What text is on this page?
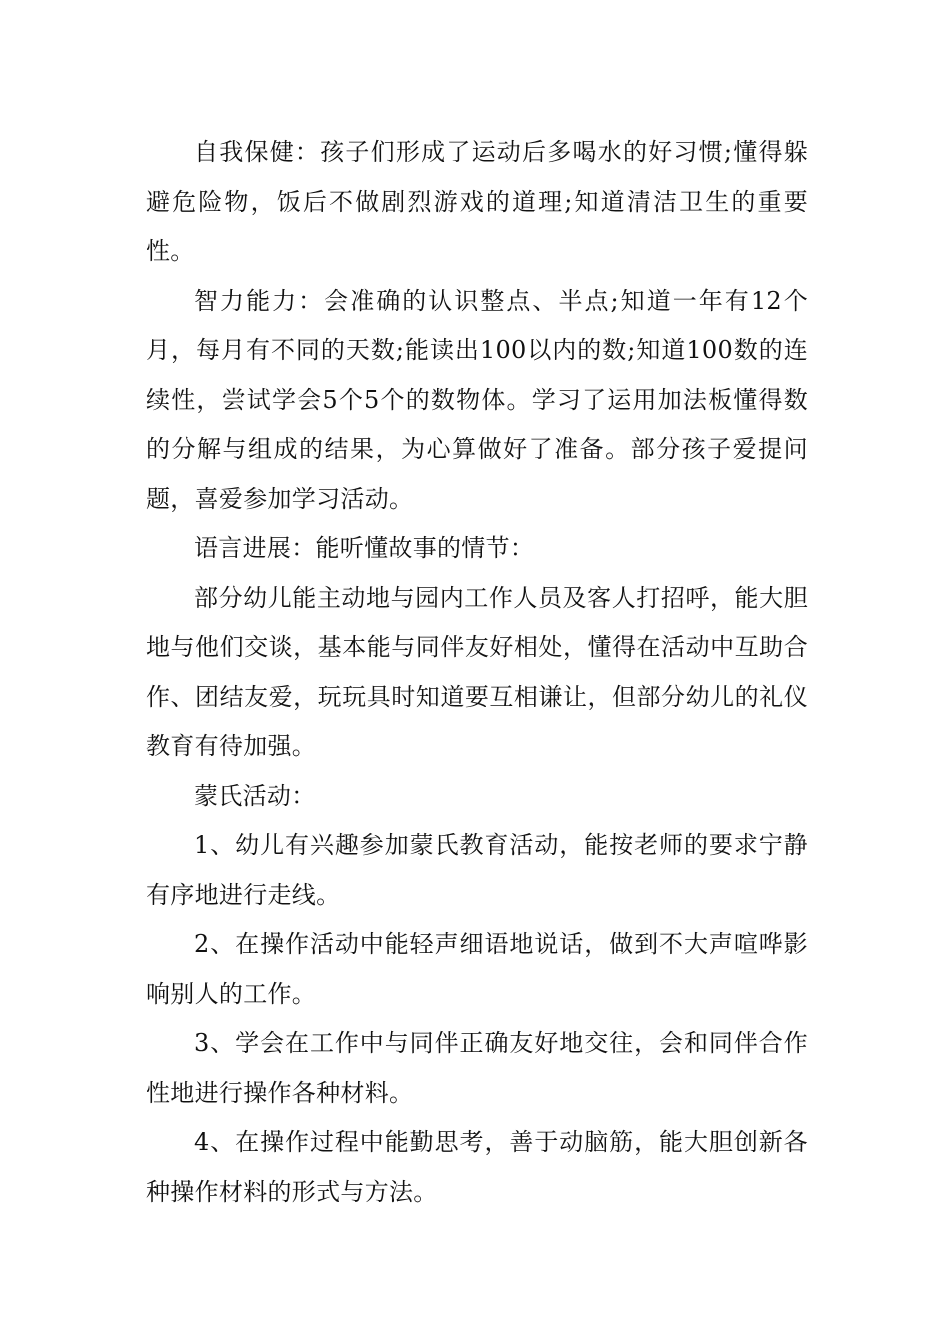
自我保健：孩子们形成了运动后多喝水的好习惯;懂得躲避危险物，饭后不做剧烈游戏的道理;知道清洁卫生的重要性。

智力能力：会准确的认识整点、半点;知道一年有12个月，每月有不同的天数;能读出100以内的数;知道100数的连续性，尝试学会5个5个的数物体。学习了运用加法板懂得数的分解与组成的结果，为心算做好了准备。部分孩子爱提问题，喜爱参加学习活动。

语言进展：能听懂故事的情节：

部分幼儿能主动地与园内工作人员及客人打招呼，能大胆地与他们交谈，基本能与同伴友好相处，懂得在活动中互助合作、团结友爱，玩玩具时知道要互相谦让，但部分幼儿的礼仪教育有待加强。

蒙氏活动：

1、幼儿有兴趣参加蒙氏教育活动，能按老师的要求宁静有序地进行走线。

2、在操作活动中能轻声细语地说话，做到不大声喧哗影响别人的工作。

3、学会在工作中与同伴正确友好地交往，会和同伴合作性地进行操作各种材料。

4、在操作过程中能勤思考，善于动脑筋，能大胆创新各种操作材料的形式与方法。
